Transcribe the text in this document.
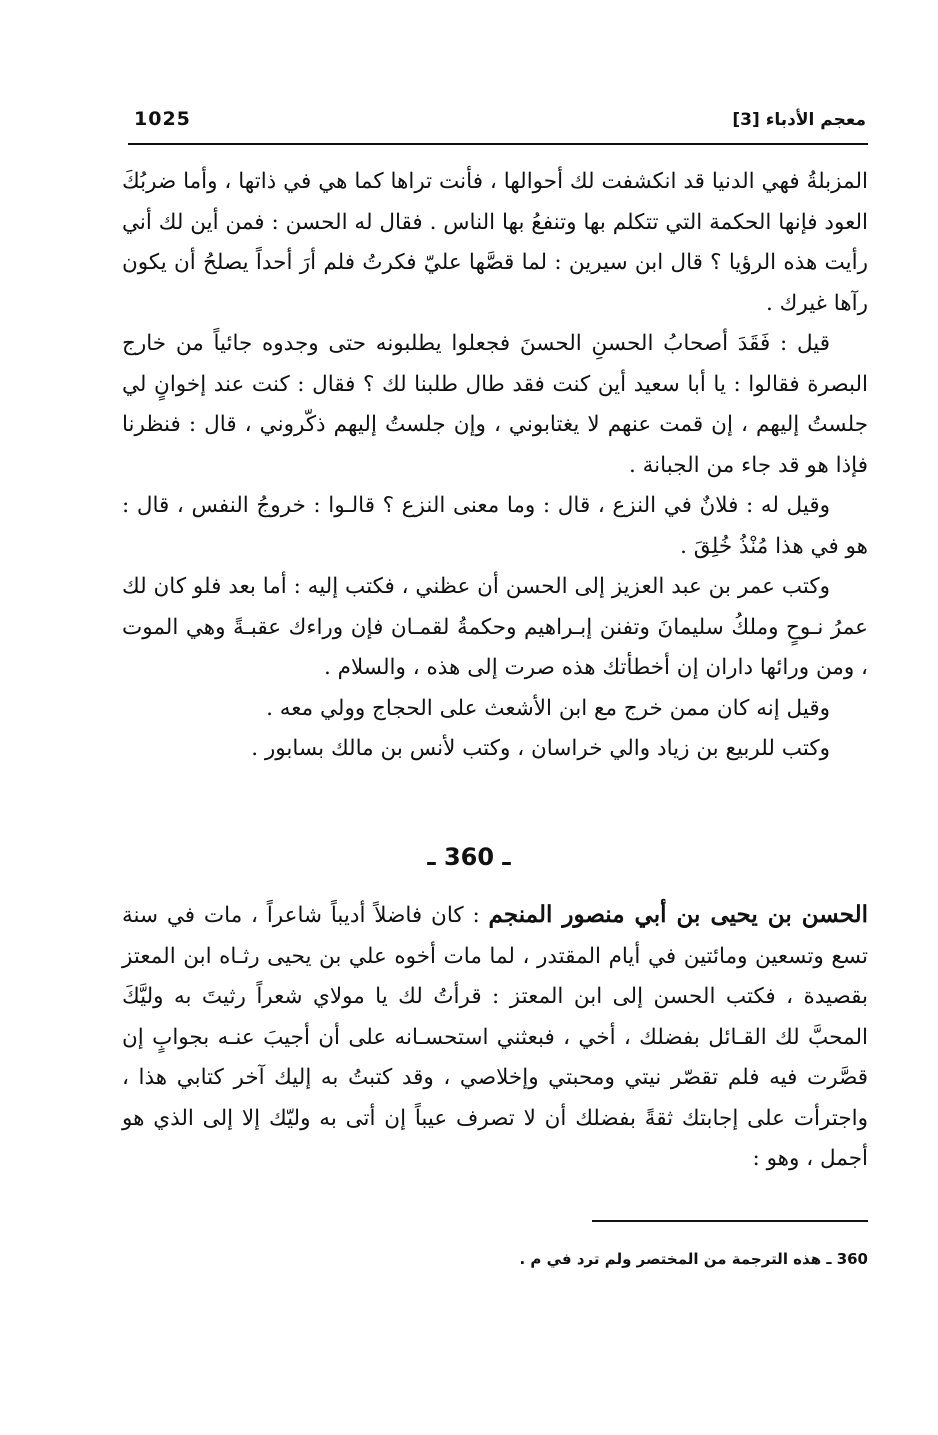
1025	معجم الأدباء [3]

المزبلةُ فهي الدنيا قد انكشفت لك أحوالها ، فأنت تراها كما هي في ذاتها ، وأما ضربُكَ العود فإنها الحكمة التي تتكلم بها وتنفعُ بها الناس . فقال له الحسن : فمن أين لك أني رأيت هذه الرؤيا ؟ قال ابن سيرين : لما قصَّها عليّ فكرتُ فلم أرَ أحداً يصلحُ أن يكون رآها غيرك .

قيل : فَقَدَ أصحابُ الحسنِ الحسنَ فجعلوا يطلبونه حتى وجدوه جائياً من خارج البصرة فقالوا : يا أبا سعيد أين كنت فقد طال طلبنا لك ؟ فقال : كنت عند إخوانٍ لي جلستُ إليهم ، إن قمت عنهم لا يغتابوني ، وإن جلستُ إليهم ذكّروني ، قال : فنظرنا فإذا هو قد جاء من الجبانة .

وقيل له : فلانٌ في النزع ، قال : وما معنى النزع ؟ قالـوا : خروجُ النفس ، قال : هو في هذا مُنْذُ خُلِقَ .

وكتب عمر بن عبد العزيز إلى الحسن أن عظني ، فكتب إليه : أما بعد فلو كان لك عمرُ نـوحٍ وملكُ سليمانَ وتفنن إبـراهيم وحكمةُ لقمـان فإن وراءك عقبـةً وهي الموت ، ومن ورائها داران إن أخطأتك هذه صرت إلى هذه ، والسلام .

وقيل إنه كان ممن خرج مع ابن الأشعث على الحجاج وولي معه .

وكتب للربيع بن زياد والي خراسان ، وكتب لأنس بن مالك بسابور .

ـ 360 ـ

الحسن بن يحيى بن أبي منصور المنجم : كان فاضلاً أديباً شاعراً ، مات في سنة تسع وتسعين ومائتين في أيام المقتدر ، لما مات أخوه علي بن يحيى رثـاه ابن المعتز بقصيدة ، فكتب الحسن إلى ابن المعتز : قرأتُ لك يا مولاي شعراً رثيتَ به وليَّكَ المحبَّ لك القـائل بفضلك ، أخي ، فبعثني استحسـانه على أن أجيبَ عنـه بجوابٍ إن قصَّرت فيه فلم تقصّر نيتي ومحبتي وإخلاصي ، وقد كتبتُ به إليك آخر كتابي هذا ، واجترأت على إجابتك ثقةً بفضلك أن لا تصرف عيباً إن أتى به وليّك إلا إلى الذي هو أجمل ، وهو :

360 ـ هذه الترجمة من المختصر ولم ترد في م .
